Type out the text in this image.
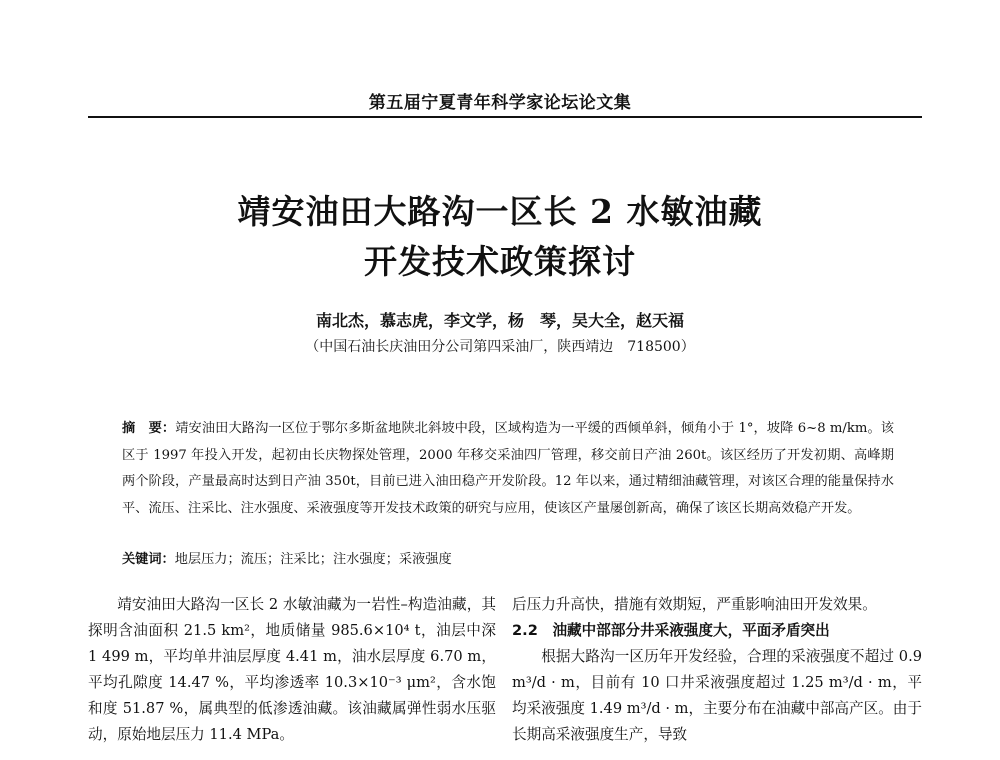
第五届宁夏青年科学家论坛论文集
靖安油田大路沟一区长 2 水敏油藏
开发技术政策探讨
南北杰，慕志虎，李文学，杨　琴，吴大全，赵天福
（中国石油长庆油田分公司第四采油厂，陕西靖边　718500）
摘　要：靖安油田大路沟一区位于鄂尔多斯盆地陕北斜坡中段，区域构造为一平缓的西倾单斜，倾角小于 1°，坡降 6~8 m/km。该区于 1997 年投入开发，起初由长庆物探处管理，2000 年移交采油四厂管理，移交前日产油 260t。该区经历了开发初期、高峰期两个阶段，产量最高时达到日产油 350t，目前已进入油田稳产开发阶段。12 年以来，通过精细油藏管理，对该区合理的能量保持水平、流压、注采比、注水强度、采液强度等开发技术政策的研究与应用，使该区产量屡创新高，确保了该区长期高效稳产开发。
关键词：地层压力；流压；注采比；注水强度；采液强度

靖安油田大路沟一区长 2 水敏油藏为一岩性–构造油藏，其探明含油面积 21.5 km²，地质储量 985.6×10⁴ t，油层中深 1 499 m，平均单井油层厚度 4.41 m，油水层厚度 6.70 m，平均孔隙度 14.47 %，平均渗透率 10.3×10⁻³ μm²，含水饱和度 51.87 %，属典型的低渗透油藏。该油藏属弹性弱水压驱动，原始地层压力 11.4 MPa。

后压力升高快，措施有效期短，严重影响油田开发效果。

2.2　油藏中部部分井采液强度大，平面矛盾突出

根据大路沟一区历年开发经验，合理的采液强度不超过 0.9 m³/d · m，目前有 10 口井采液强度超过 1.25 m³/d · m，平均采液强度 1.49 m³/d · m，主要分布在油藏中部高产区。由于长期高采液强度生产，导致
